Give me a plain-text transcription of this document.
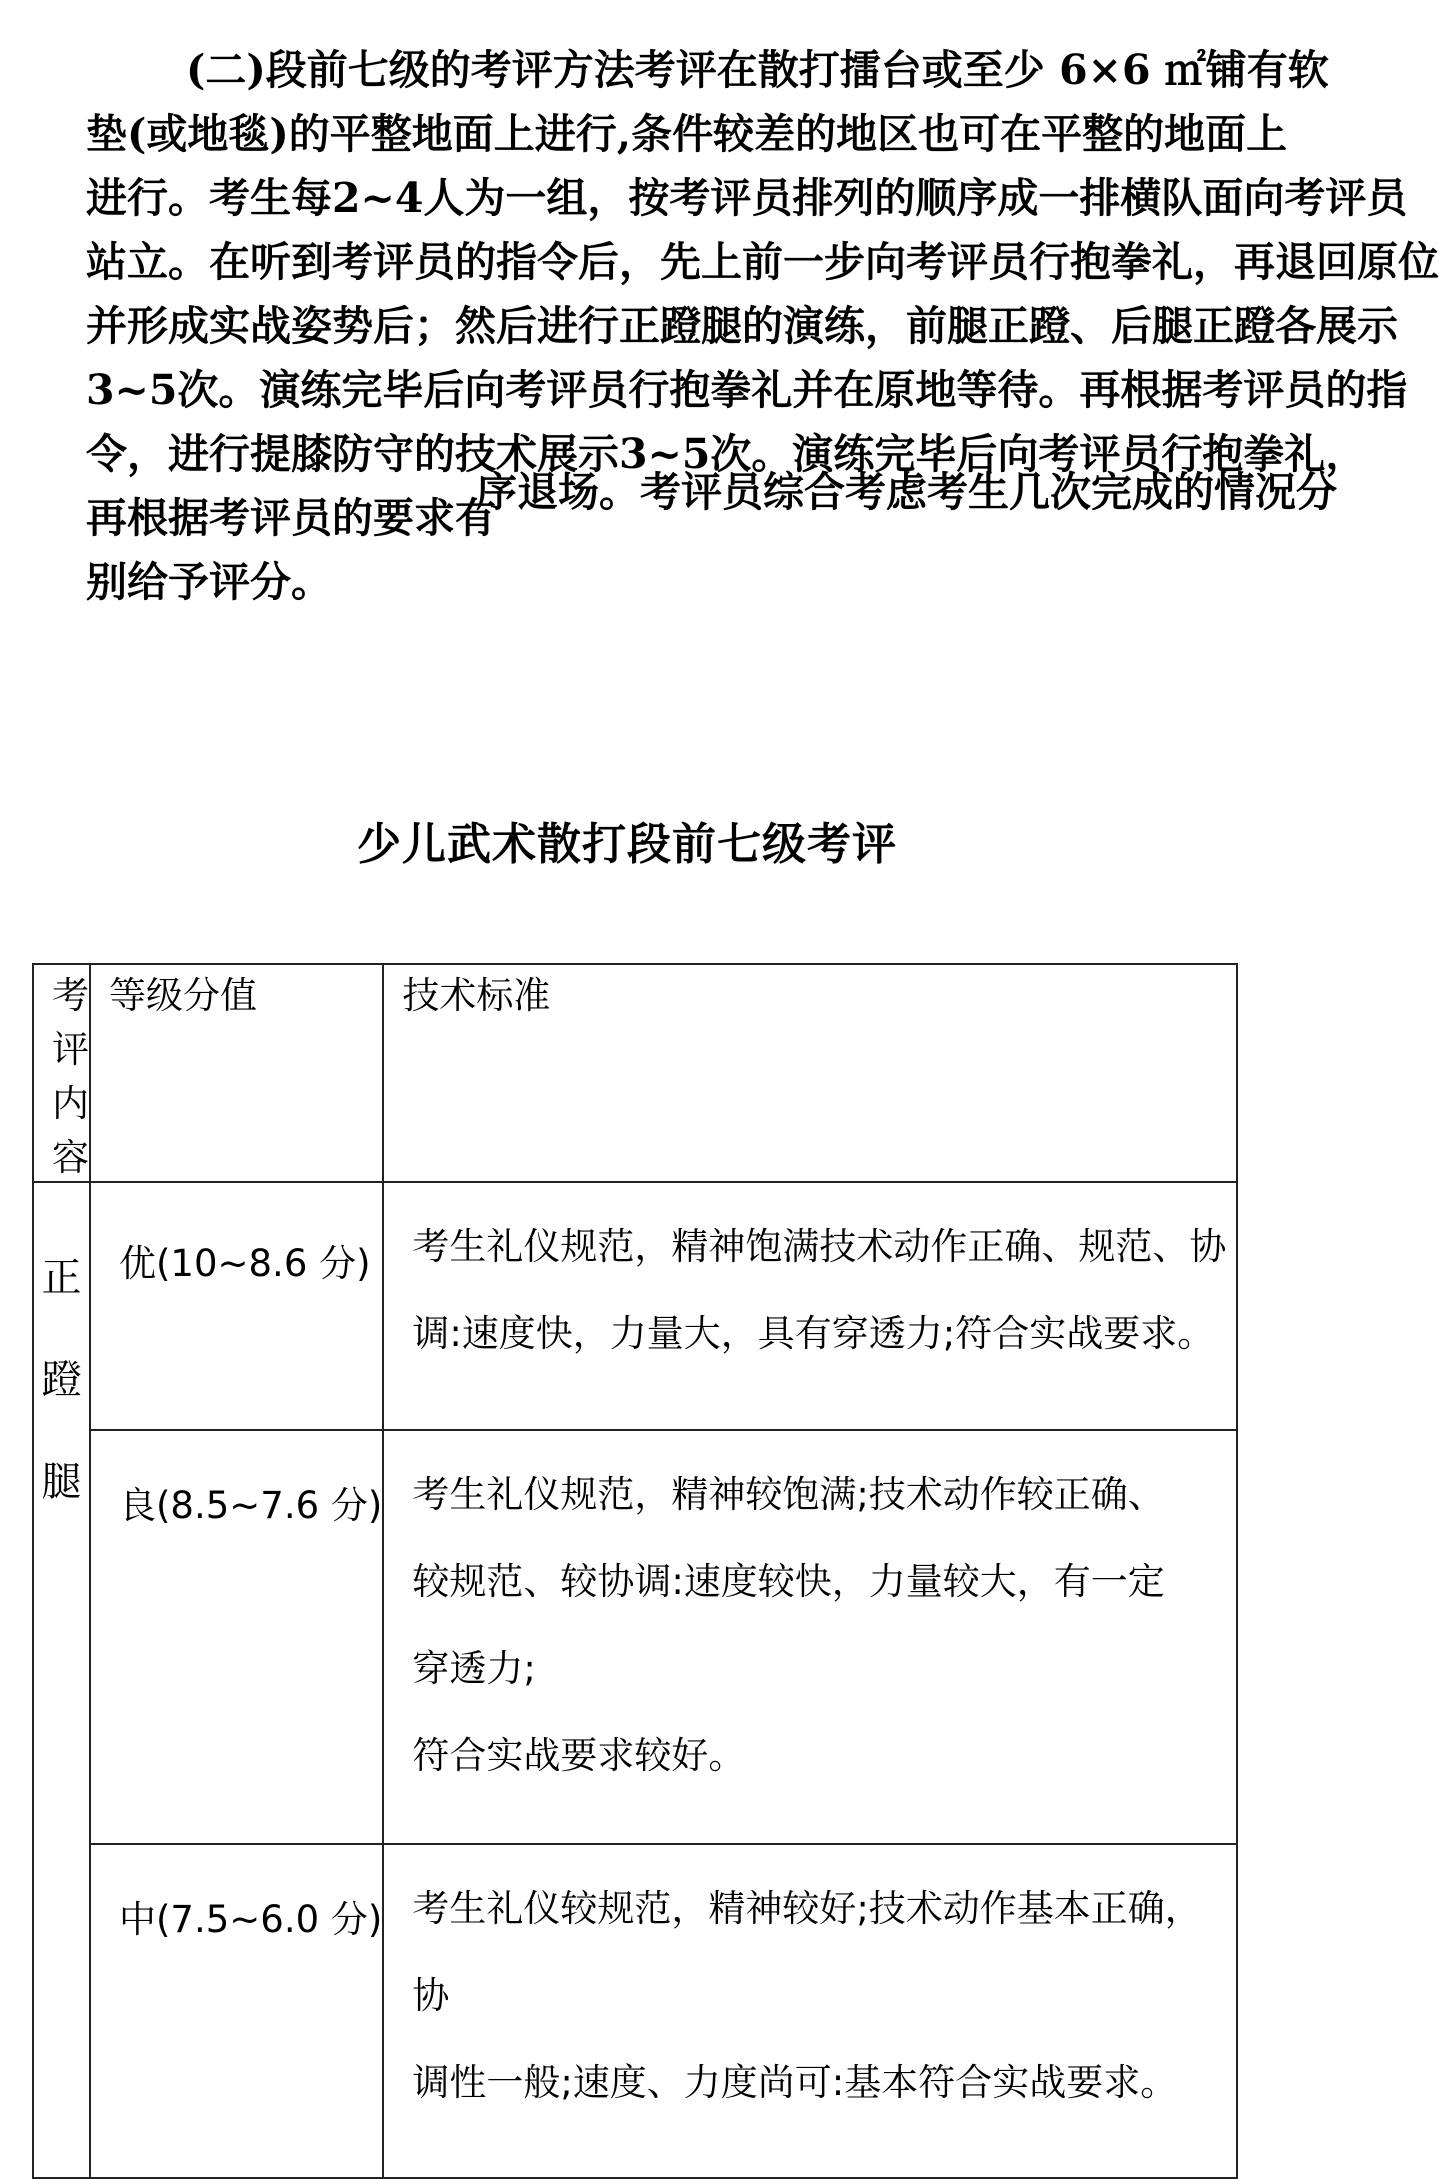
(二)段前七级的考评方法考评在散打擂台或至少 6×6 ㎡铺有软
垫(或地毯)的平整地面上进行,条件较差的地区也可在平整的地面上
进行。考生每2~4人为一组，按考评员排列的顺序成一排横队面向考评员
站立。在听到考评员的指令后，先上前一步向考评员行抱拳礼，再退回原位
并形成实战姿势后；然后进行正蹬腿的演练，前腿正蹬、后腿正蹬各展示
3~5次。演练完毕后向考评员行抱拳礼并在原地等待。再根据考评员的指
令，进行提膝防守的技术展示3~5次。演练完毕后向考评员行抱拳礼，
再根据考评员的要求有
序退场。考评员综合考虑考生几次完成的情况分
别给予评分。
少儿武术散打段前七级考评
考评内容	等级分值	技术标准

正
蹬
腿	优(10~8.6 分)	考生礼仪规范，精神饱满技术动作正确、规范、协
调:速度快，力量大，具有穿透力;符合实战要求。

	良(8.5~7.6 分)	考生礼仪规范，精神较饱满;技术动作较正确、
较规范、较协调:速度较快，力量较大，有一定
穿透力;
符合实战要求较好。

	中(7.5~6.0 分)	考生礼仪较规范，精神较好;技术动作基本正确，
协
调性一般;速度、力度尚可:基本符合实战要求。
